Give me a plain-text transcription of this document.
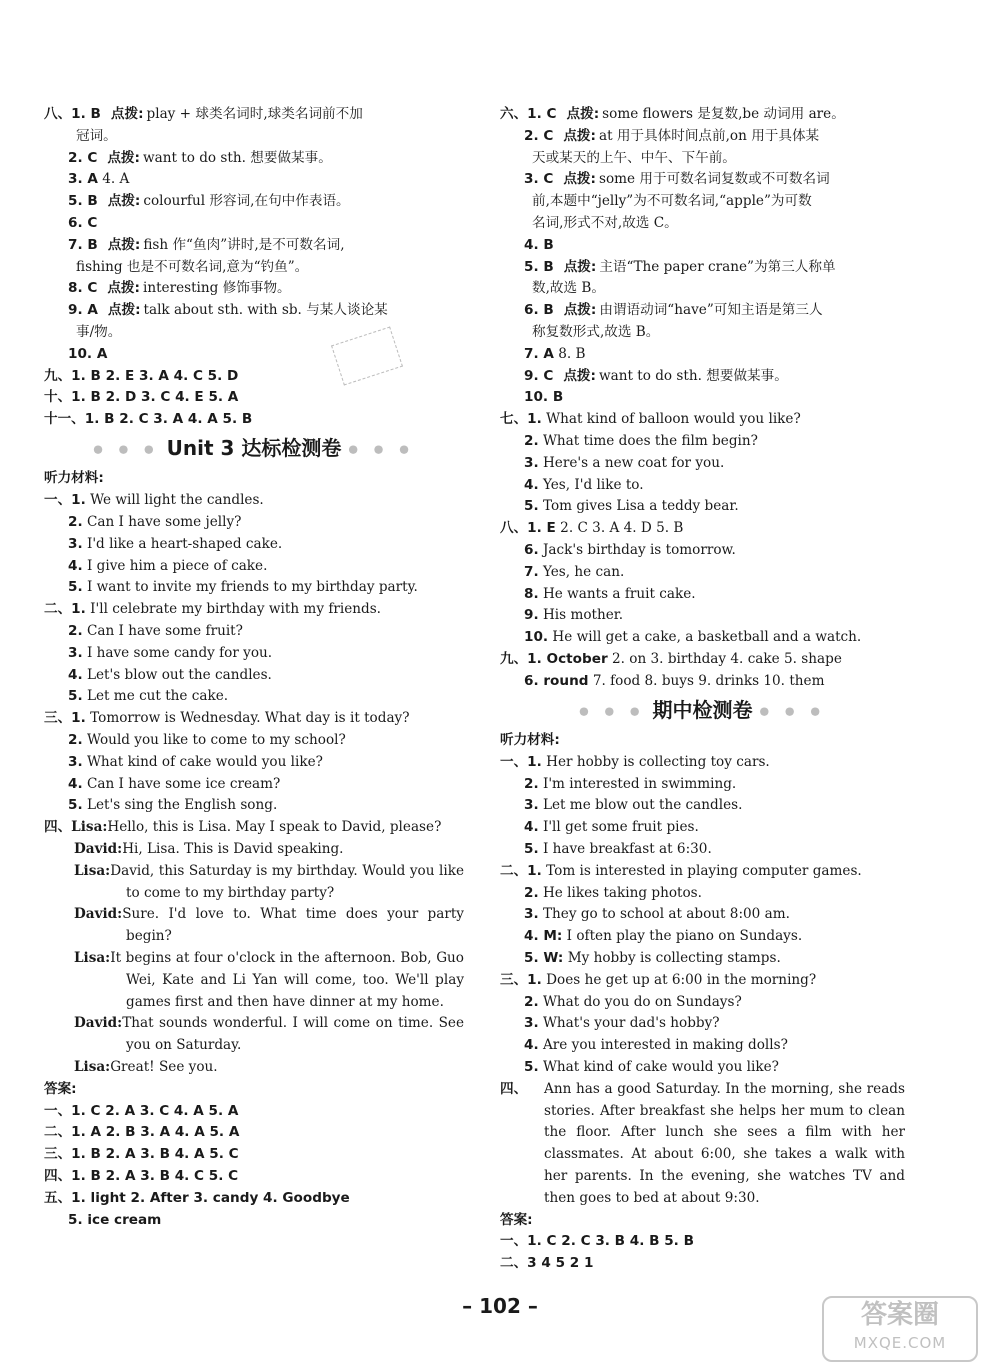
八、1. B 点拨: play + 球类名词时,球类名词前不加
冠词。
2. C 点拨: want to do sth. 想要做某事。
3. A 4. A
5. B 点拨: colourful 形容词,在句中作表语。
6. C
7. B 点拨: fish 作“鱼肉”讲时,是不可数名词,
fishing 也是不可数名词,意为“钓鱼”。
8. C 点拨: interesting 修饰事物。
9. A 点拨: talk about sth. with sb. 与某人谈论某
事/物。
10. A
九、1. B 2. E 3. A 4. C 5. D
十、1. B 2. D 3. C 4. E 5. A
十一、1. B 2. C 3. A 4. A 5. B
● ● ● Unit 3 达标检测卷 ● ● ●
听力材料:
一、1. We will light the candles.
2. Can I have some jelly?
3. I'd like a heart-shaped cake.
4. I give him a piece of cake.
5. I want to invite my friends to my birthday party.
二、1. I'll celebrate my birthday with my friends.
2. Can I have some fruit?
3. I have some candy for you.
4. Let's blow out the candles.
5. Let me cut the cake.
三、1. Tomorrow is Wednesday. What day is it today?
2. Would you like to come to my school?
3. What kind of cake would you like?
4. Can I have some ice cream?
5. Let's sing the English song.
四、Lisa:Hello, this is Lisa. May I speak to David, please?
David:Hi, Lisa. This is David speaking.
Lisa:David, this Saturday is my birthday. Would you like to come to my birthday party?
David:Sure. I'd love to. What time does your party begin?
Lisa:It begins at four o'clock in the afternoon. Bob, Guo Wei, Kate and Li Yan will come, too. We'll play games first and then have dinner at my home.
David:That sounds wonderful. I will come on time. See you on Saturday.
Lisa:Great! See you.
答案:
一、1. C 2. A 3. C 4. A 5. A
二、1. A 2. B 3. A 4. A 5. A
三、1. B 2. A 3. B 4. A 5. C
四、1. B 2. A 3. B 4. C 5. C
五、1. light 2. After 3. candy 4. Goodbye
5. ice cream
六、1. C 点拨: some flowers 是复数,be 动词用 are。
2. C 点拨: at 用于具体时间点前,on 用于具体某
天或某天的上午、中午、下午前。
3. C 点拨: some 用于可数名词复数或不可数名词
前,本题中“jelly”为不可数名词,“apple”为可数
名词,形式不对,故选 C。
4. B
5. B 点拨: 主语“The paper crane”为第三人称单
数,故选 B。
6. B 点拨: 由谓语动词“have”可知主语是第三人
称复数形式,故选 B。
7. A 8. B
9. C 点拨: want to do sth. 想要做某事。
10. B
七、1. What kind of balloon would you like?
2. What time does the film begin?
3. Here's a new coat for you.
4. Yes, I'd like to.
5. Tom gives Lisa a teddy bear.
八、1. E 2. C 3. A 4. D 5. B
6. Jack's birthday is tomorrow.
7. Yes, he can.
8. He wants a fruit cake.
9. His mother.
10. He will get a cake, a basketball and a watch.
九、1. October 2. on 3. birthday 4. cake 5. shape
6. round 7. food 8. buys 9. drinks 10. them
● ● ● 期中检测卷 ● ● ●
听力材料:
一、1. Her hobby is collecting toy cars.
2. I'm interested in swimming.
3. Let me blow out the candles.
4. I'll get some fruit pies.
5. I have breakfast at 6:30.
二、1. Tom is interested in playing computer games.
2. He likes taking photos.
3. They go to school at about 8:00 am.
4. M: I often play the piano on Sundays.
5. W: My hobby is collecting stamps.
三、1. Does he get up at 6:00 in the morning?
2. What do you do on Sundays?
3. What's your dad's hobby?
4. Are you interested in making dolls?
5. What kind of cake would you like?
四、 Ann has a good Saturday. In the morning, she reads stories. After breakfast she helps her mum to clean the floor. After lunch she sees a film with her classmates. At about 6:00, she takes a walk with her parents. In the evening, she watches TV and then goes to bed at about 9:30.
答案:
一、1. C 2. C 3. B 4. B 5. B
二、3 4 5 2 1
– 102 –	答案圈
MXQE.COM
